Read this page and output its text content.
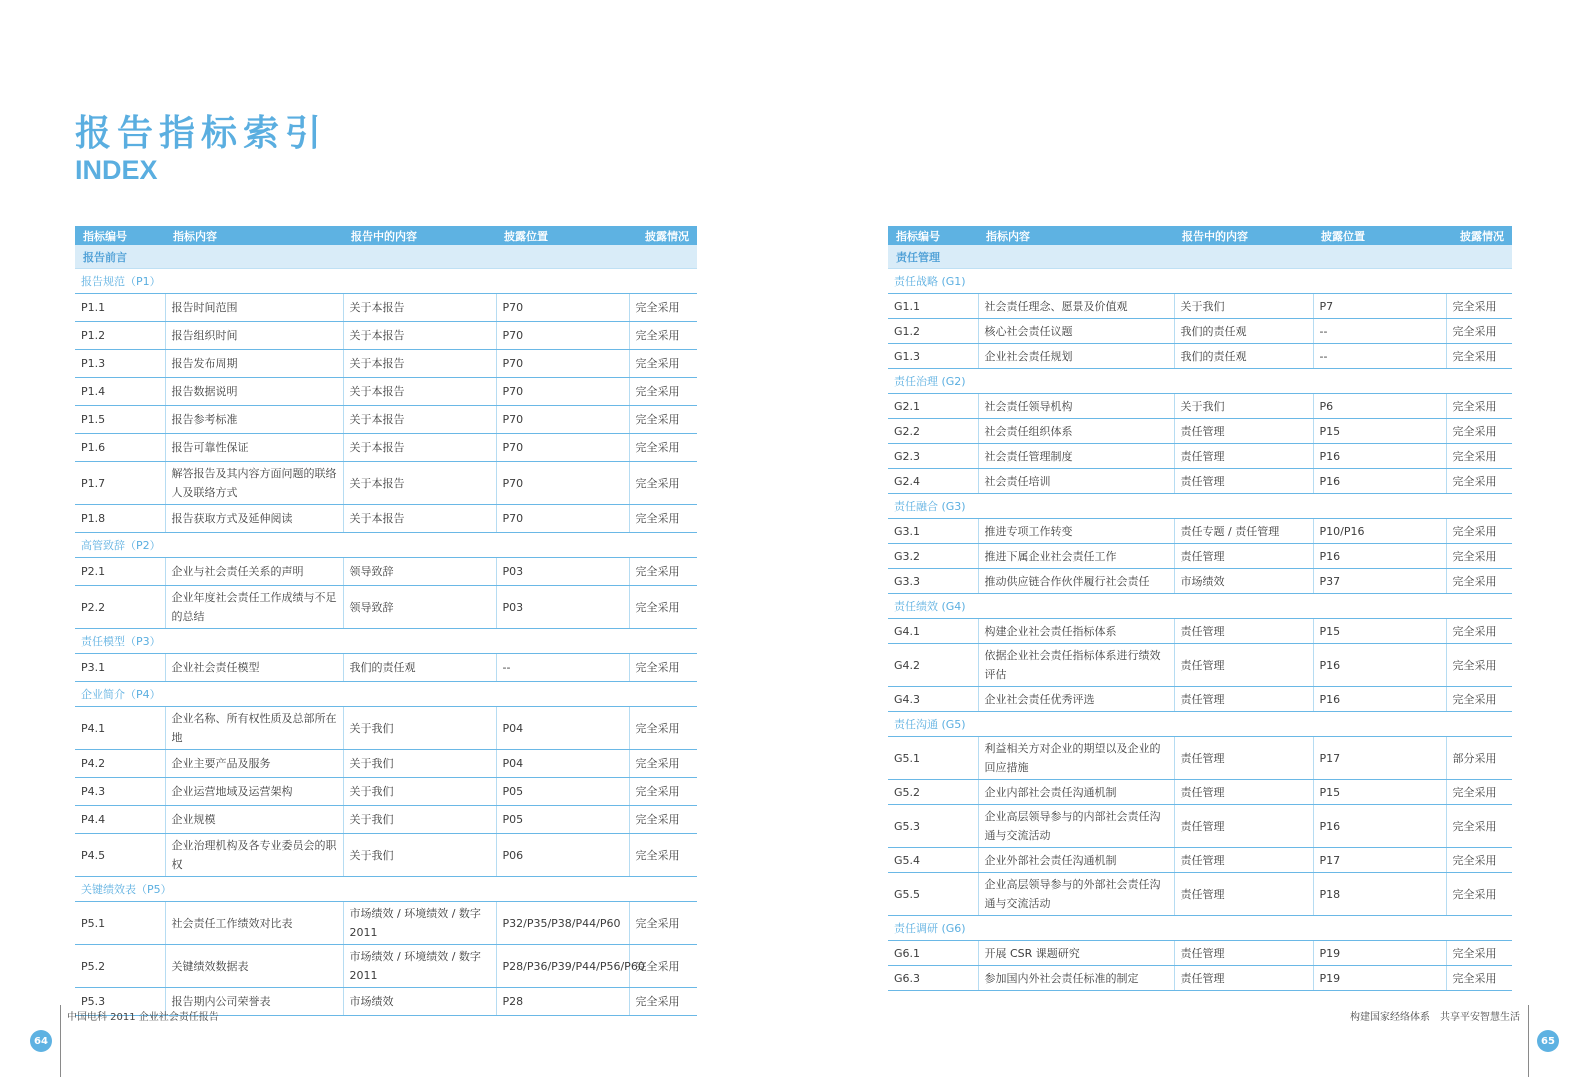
报告指标索引
INDEX
指标编号	指标内容	报告中的内容	披露位置	披露情况
报告前言				
报告规范（P1）				
P1.1	报告时间范围	关于本报告	P70	完全采用
P1.2	报告组织时间	关于本报告	P70	完全采用
P1.3	报告发布周期	关于本报告	P70	完全采用
P1.4	报告数据说明	关于本报告	P70	完全采用
P1.5	报告参考标准	关于本报告	P70	完全采用
P1.6	报告可靠性保证	关于本报告	P70	完全采用
P1.7	解答报告及其内容方面问题的联络人及联络方式	关于本报告	P70	完全采用
P1.8	报告获取方式及延伸阅读	关于本报告	P70	完全采用
高管致辞（P2）				
P2.1	企业与社会责任关系的声明	领导致辞	P03	完全采用
P2.2	企业年度社会责任工作成绩与不足的总结	领导致辞	P03	完全采用
责任模型（P3）				
P3.1	企业社会责任模型	我们的责任观	--	完全采用
企业简介（P4）				
P4.1	企业名称、所有权性质及总部所在地	关于我们	P04	完全采用
P4.2	企业主要产品及服务	关于我们	P04	完全采用
P4.3	企业运营地域及运营架构	关于我们	P05	完全采用
P4.4	企业规模	关于我们	P05	完全采用
P4.5	企业治理机构及各专业委员会的职权	关于我们	P06	完全采用
关键绩效表（P5）				
P5.1	社会责任工作绩效对比表	市场绩效 / 环境绩效 / 数字 2011	P32/P35/P38/P44/P60	完全采用
P5.2	关键绩效数据表	市场绩效 / 环境绩效 / 数字 2011	P28/P36/P39/P44/P56/P60	完全采用
P5.3	报告期内公司荣誉表	市场绩效	P28	完全采用
指标编号	指标内容	报告中的内容	披露位置	披露情况
责任管理				
责任战略 (G1)				
G1.1	社会责任理念、愿景及价值观	关于我们	P7	完全采用
G1.2	核心社会责任议题	我们的责任观	--	完全采用
G1.3	企业社会责任规划	我们的责任观	--	完全采用
责任治理 (G2)				
G2.1	社会责任领导机构	关于我们	P6	完全采用
G2.2	社会责任组织体系	责任管理	P15	完全采用
G2.3	社会责任管理制度	责任管理	P16	完全采用
G2.4	社会责任培训	责任管理	P16	完全采用
责任融合 (G3)				
G3.1	推进专项工作转变	责任专题 / 责任管理	P10/P16	完全采用
G3.2	推进下属企业社会责任工作	责任管理	P16	完全采用
G3.3	推动供应链合作伙伴履行社会责任	市场绩效	P37	完全采用
责任绩效 (G4)				
G4.1	构建企业社会责任指标体系	责任管理	P15	完全采用
G4.2	依据企业社会责任指标体系进行绩效评估	责任管理	P16	完全采用
G4.3	企业社会责任优秀评选	责任管理	P16	完全采用
责任沟通 (G5)				
G5.1	利益相关方对企业的期望以及企业的回应措施	责任管理	P17	部分采用
G5.2	企业内部社会责任沟通机制	责任管理	P15	完全采用
G5.3	企业高层领导参与的内部社会责任沟通与交流活动	责任管理	P16	完全采用
G5.4	企业外部社会责任沟通机制	责任管理	P17	完全采用
G5.5	企业高层领导参与的外部社会责任沟通与交流活动	责任管理	P18	完全采用
责任调研 (G6)				
G6.1	开展 CSR 课题研究	责任管理	P19	完全采用
G6.3	参加国内外社会责任标准的制定	责任管理	P19	完全采用
64
中国电科 2011 企业社会责任报告	构建国家经络体系　共享平安智慧生活
65
